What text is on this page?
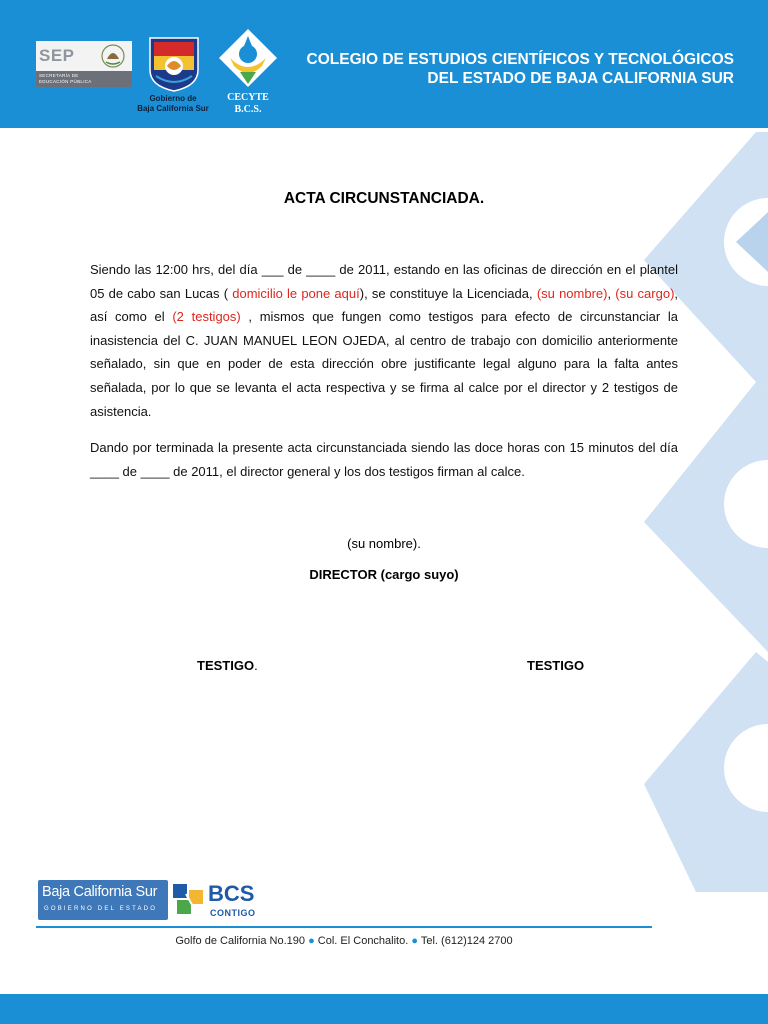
SEP
SECRETARÍA DE
EDUCACIÓN PÚBLICA
Gobierno de
Baja California Sur
CECYTE
B.C.S.
COLEGIO DE ESTUDIOS CIENTÍFICOS Y TECNOLÓGICOS
DEL ESTADO DE BAJA CALIFORNIA SUR
ACTA CIRCUNSTANCIADA.
Siendo las 12:00 hrs, del día ___ de ____ de 2011, estando en las oficinas de dirección en el plantel 05 de cabo san Lucas ( domicilio le pone aquí), se constituye la Licenciada, (su nombre), (su cargo), así como el (2 testigos) , mismos que fungen como testigos para efecto de circunstanciar la inasistencia del C. JUAN MANUEL LEON OJEDA, al centro de trabajo con domicilio anteriormente señalado, sin que en poder de esta dirección obre justificante legal alguno para la falta antes señalada, por lo que se levanta el acta respectiva y se firma al calce por el director y 2 testigos de asistencia.
Dando por terminada la presente acta circunstanciada siendo las doce horas con 15 minutos del día ____ de ____ de 2011, el director general y los dos testigos firman al calce.
(su nombre).
DIRECTOR (cargo suyo)
TESTIGO.	TESTIGO
Baja California Sur
GOBIERNO DEL ESTADO
BCS
CONTIGO
Golfo de California No.190 ● Col. El Conchalito. ● Tel. (612)124 2700
